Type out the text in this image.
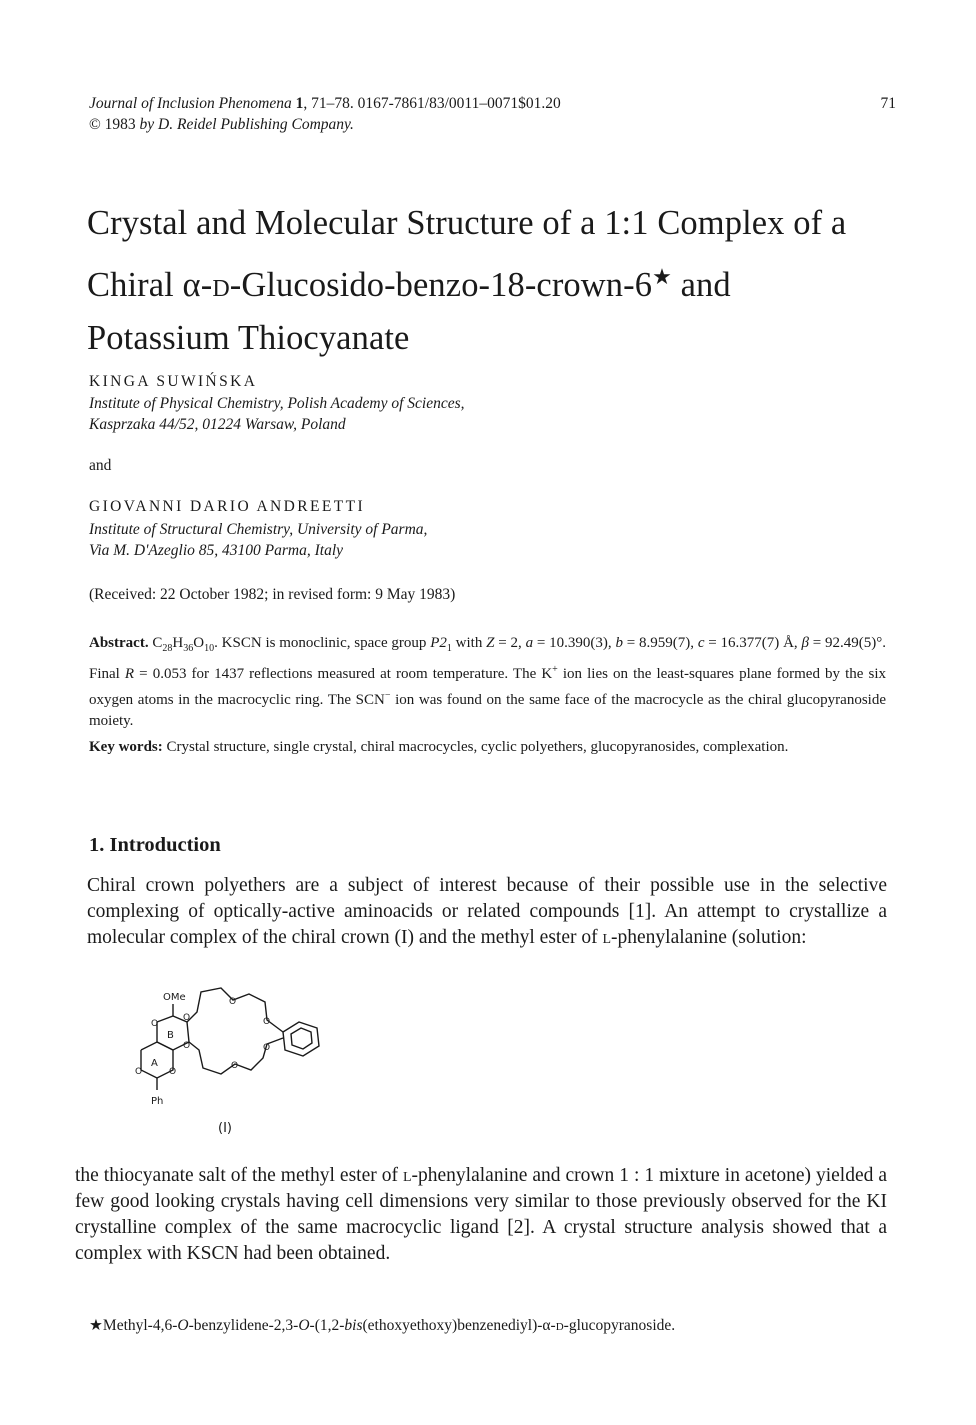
Journal of Inclusion Phenomena 1, 71–78. 0167-7861/83/0011–0071$01.20
© 1983 by D. Reidel Publishing Company.
71
Crystal and Molecular Structure of a 1:1 Complex of a
Chiral α-d-Glucosido-benzo-18-crown-6★ and
Potassium Thiocyanate
KINGA SUWIŃSKA
Institute of Physical Chemistry, Polish Academy of Sciences,
Kasprzaka 44/52, 01224 Warsaw, Poland
and
GIOVANNI DARIO ANDREETTI
Institute of Structural Chemistry, University of Parma,
Via M. D'Azeglio 85, 43100 Parma, Italy
(Received: 22 October 1982; in revised form: 9 May 1983)
Abstract. $C_{28}H_{36}O_{10}$. KSCN is monoclinic, space group $P2_1$ with Z = 2, a = 10.390(3), b = 8.959(7), c = 16.377(7) Å, β = 92.49(5)°. Final R = 0.053 for 1437 reflections measured at room temperature. The K+ ion lies on the least-squares plane formed by the six oxygen atoms in the macrocyclic ring. The SCN− ion was found on the same face of the macrocycle as the chiral glucopyranoside moiety.
Key words: Crystal structure, single crystal, chiral macrocycles, cyclic polyethers, glucopyranosides, complexation.
1. Introduction
Chiral crown polyethers are a subject of interest because of their possible use in the selective complexing of optically-active aminoacids or related compounds [1]. An attempt to crystallize a molecular complex of the chiral crown (I) and the methyl ester of l-phenylalanine (solution:
OMe
B
A
Ph
O
O
O
O	O
O
O
O
O
(I)
the thiocyanate salt of the methyl ester of l-phenylalanine and crown 1 : 1 mixture in acetone) yielded a few good looking crystals having cell dimensions very similar to those previously observed for the KI crystalline complex of the same macrocyclic ligand [2]. A crystal structure analysis showed that a complex with KSCN had been obtained.
★Methyl-4,6-O-benzylidene-2,3-O-(1,2-bis(ethoxyethoxy)benzenediyl)-α-d-glucopyranoside.
